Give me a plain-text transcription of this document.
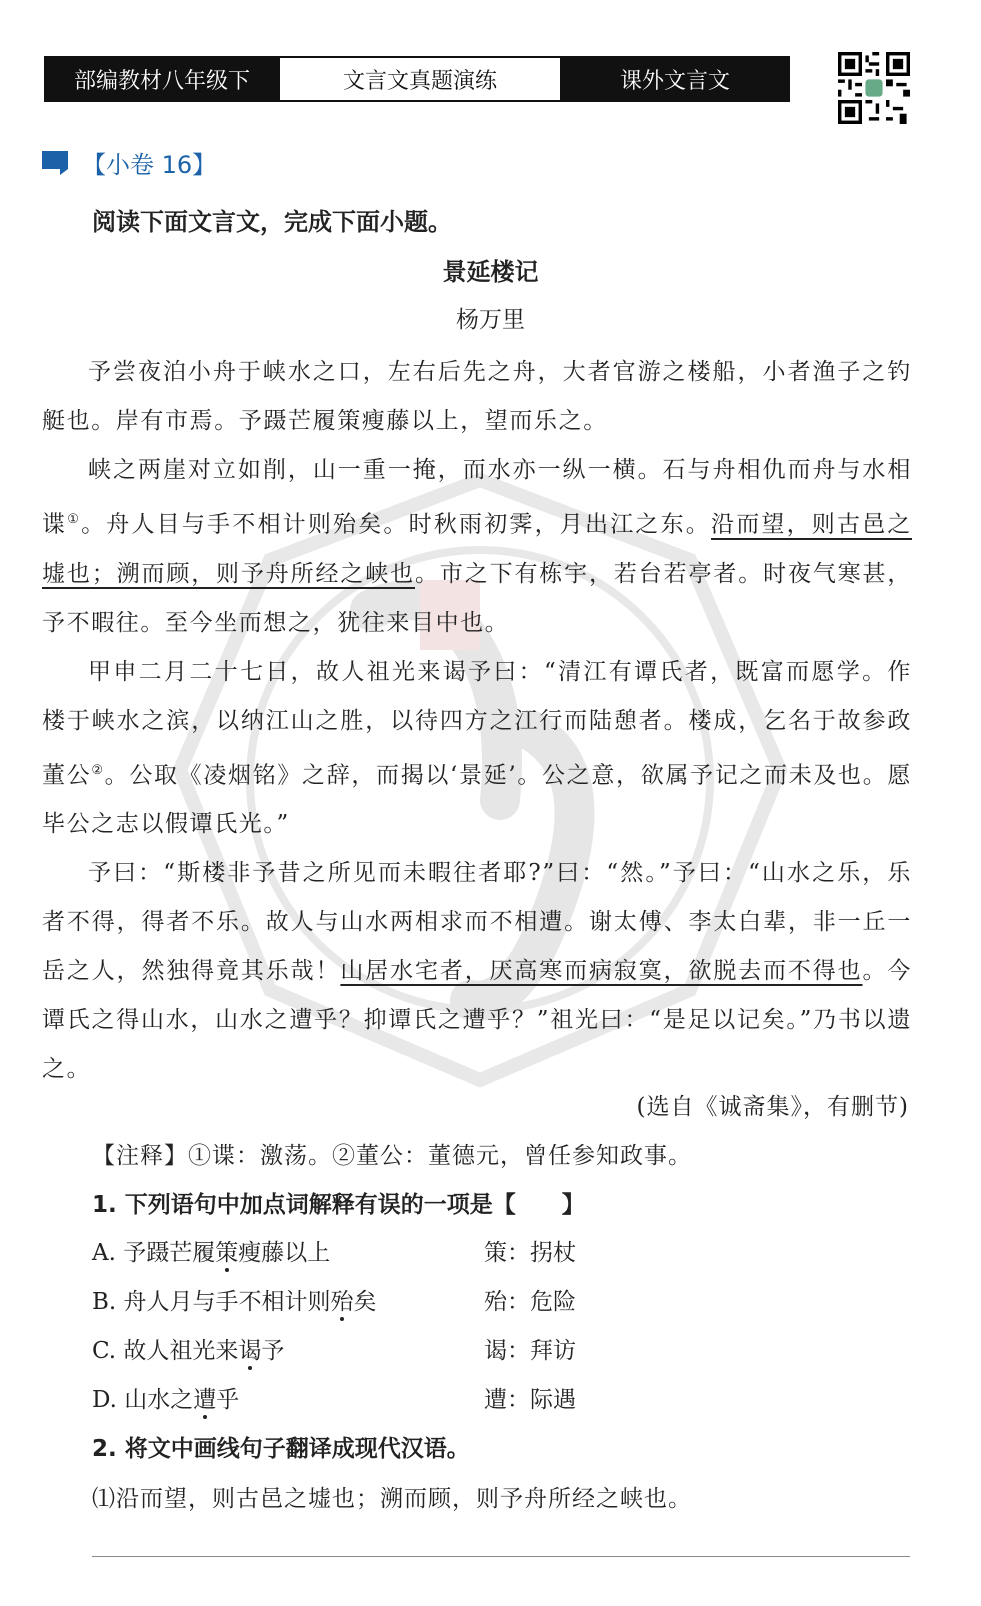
部编教材八年级下	文言文真题演练	课外文言文
【小卷 16】
阅读下面文言文，完成下面小题。
景延楼记
杨万里

予尝夜泊小舟于峡水之口，左右后先之舟，大者官游之楼船，小者渔子之钓艇也。岸有市焉。予蹑芒履策瘦藤以上，望而乐之。

峡之两崖对立如削，山一重一掩，而水亦一纵一横。石与舟相仇而舟与水相谍①。舟人目与手不相计则殆矣。时秋雨初霁，月出江之东。沿而望，则古邑之墟也；溯而顾，则予舟所经之峡也。市之下有栋宇，若台若亭者。时夜气寒甚，予不暇往。至今坐而想之，犹往来目中也。

甲申二月二十七日，故人祖光来谒予曰：“清江有谭氏者，既富而愿学。作楼于峡水之滨，以纳江山之胜，以待四方之江行而陆憩者。楼成，乞名于故参政董公②。公取《凌烟铭》之辞，而揭以‘景延’。公之意，欲属予记之而未及也。愿毕公之志以假谭氏光。”

予曰：“斯楼非予昔之所见而未暇往者耶?”曰：“然。”予曰：“山水之乐，乐者不得，得者不乐。故人与山水两相求而不相遭。谢太傅、李太白辈，非一丘一岳之人，然独得竟其乐哉！山居水宅者，厌高寒而病寂寞，欲脱去而不得也。今谭氏之得山水，山水之遭乎？抑谭氏之遭乎？”祖光曰：“是足以记矣。”乃书以遗之。

(选自《诚斋集》，有删节)
【注释】①谍：激荡。②董公：董德元，曾任参知政事。
1. 下列语句中加点词解释有误的一项是【　　】
A. 予蹑芒履策瘦藤以上	策：拐杖
B. 舟人月与手不相计则殆矣	殆：危险
C. 故人祖光来谒予	谒：拜访
D. 山水之遭乎	遭：际遇
2. 将文中画线句子翻译成现代汉语。
⑴沿而望，则古邑之墟也；溯而顾，则予舟所经之峡也。
